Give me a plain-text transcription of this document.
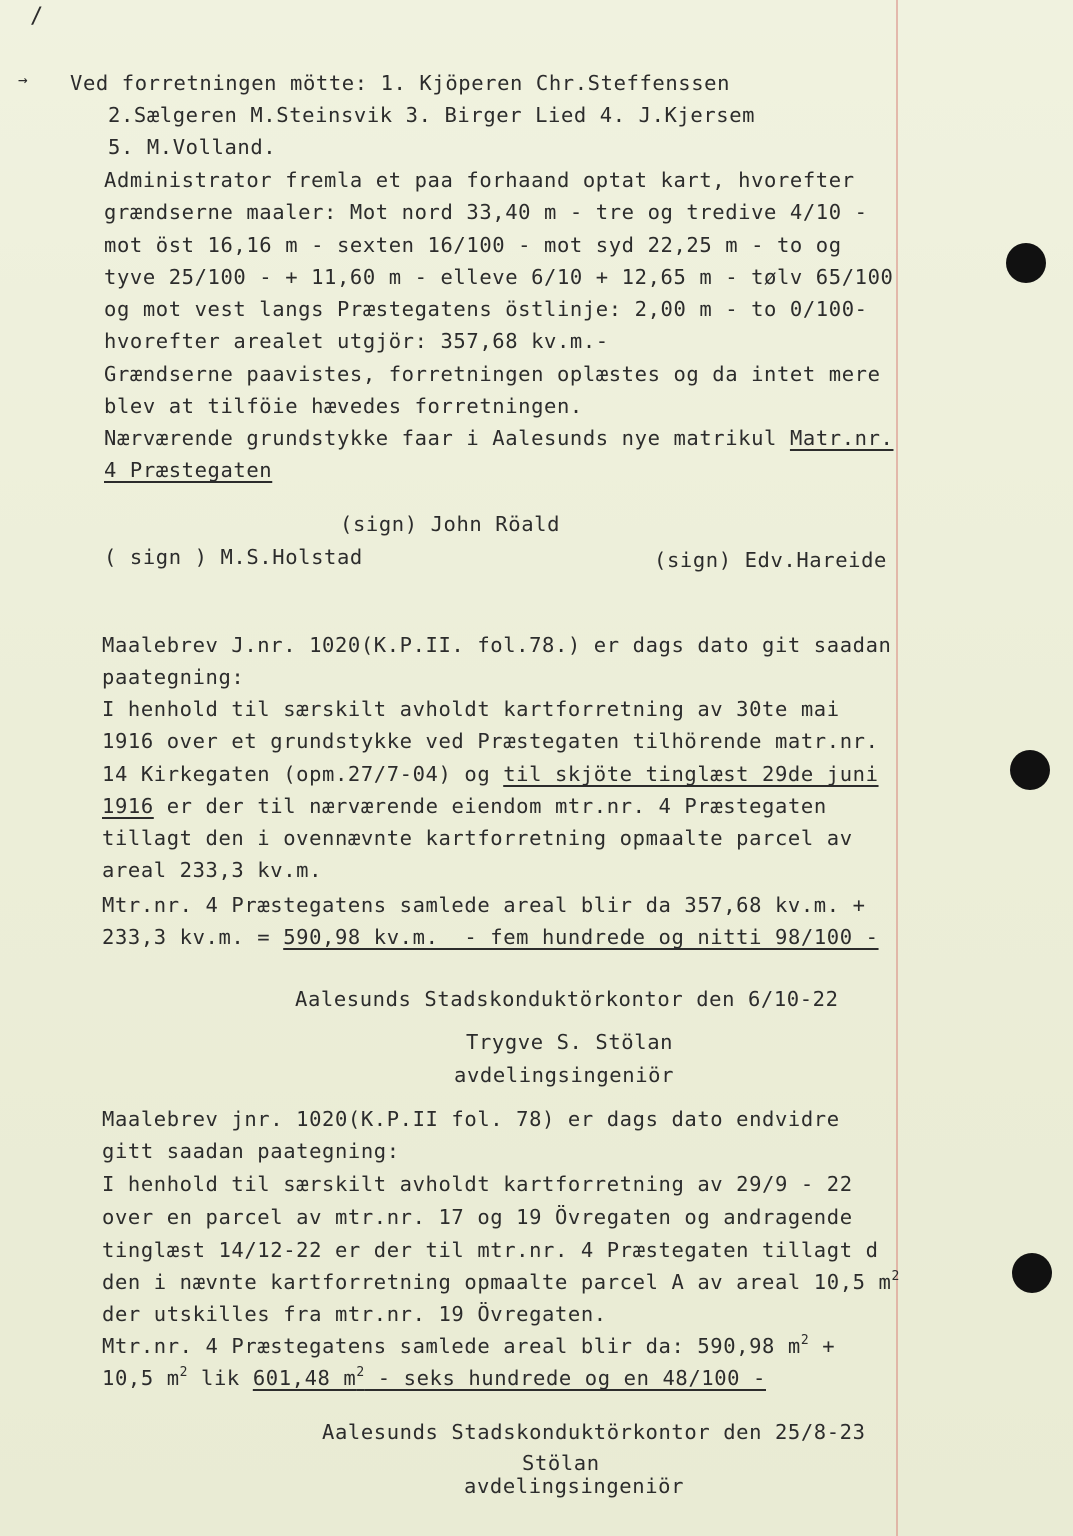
/
→ Ved forretningen mötte: 1. Kjöperen Chr.Steffenssen
2.Sælgeren M.Steinsvik 3. Birger Lied 4. J.Kjersem
5. M.Volland.
Administrator fremla et paa forhaand optat kart, hvorefter
grændserne maaler: Mot nord 33,40 m - tre og tredive 4/10 -
mot öst 16,16 m - sexten 16/100 - mot syd 22,25 m - to og
tyve 25/100 - + 11,60 m - elleve 6/10 + 12,65 m - tølv 65/100
og mot vest langs Præstegatens östlinje: 2,00 m - to 0/100-
hvorefter arealet utgjör: 357,68 kv.m.-
Grændserne paavistes, forretningen oplæstes og da intet mere
blev at tilföie hævedes forretningen.
Nærværende grundstykke faar i Aalesunds nye matrikul Matr.nr.
4 Præstegaten
(sign) John Röald
( sign ) M.S.Holstad	(sign) Edv.Hareide
Maalebrev J.nr. 1020(K.P.II. fol.78.) er dags dato git saadan
paategning:
I henhold til særskilt avholdt kartforretning av 30te mai
1916 over et grundstykke ved Præstegaten tilhörende matr.nr.
14 Kirkegaten (opm.27/7-04) og til skjöte tinglæst 29de juni
1916 er der til nærværende eiendom mtr.nr. 4 Præstegaten
tillagt den i ovennævnte kartforretning opmaalte parcel av
areal 233,3 kv.m.
Mtr.nr. 4 Præstegatens samlede areal blir da 357,68 kv.m. +
233,3 kv.m. = 590,98 kv.m.  - fem hundrede og nitti 98/100 -
Aalesunds Stadskonduktörkontor den 6/10-22
Trygve S. Stölan
avdelingsingeniör
Maalebrev jnr. 1020(K.P.II fol. 78) er dags dato endvidre
gitt saadan paategning:
I henhold til særskilt avholdt kartforretning av 29/9 - 22
over en parcel av mtr.nr. 17 og 19 Övregaten og andragende
tinglæst 14/12-22 er der til mtr.nr. 4 Præstegaten tillagt d
den i nævnte kartforretning opmaalte parcel A av areal 10,5 $m^2$
der utskilles fra mtr.nr. 19 Övregaten.
Mtr.nr. 4 Præstegatens samlede areal blir da: 590,98 $m^2$ +
10,5 $m^2$ lik 601,48 $m^2$ - seks hundrede og en 48/100 -
Aalesunds Stadskonduktörkontor den 25/8-23
Stölan
avdelingsingeniör
